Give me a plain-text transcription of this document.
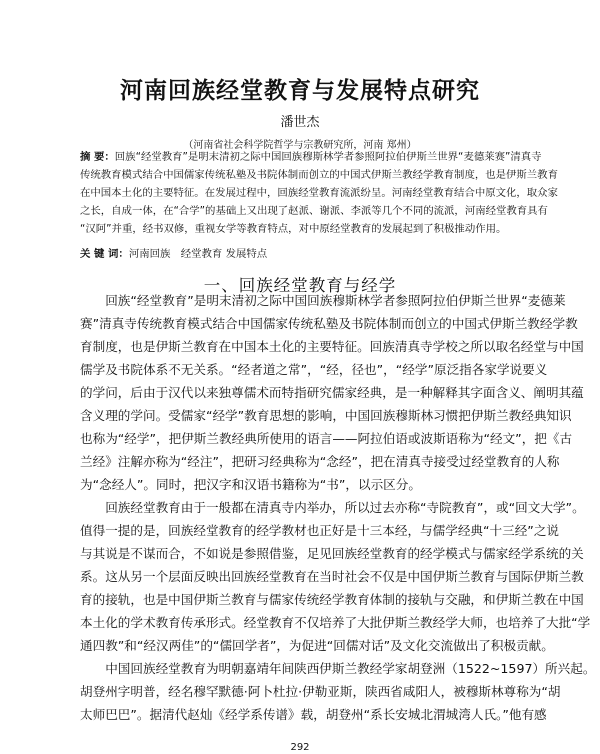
河南回族经堂教育与发展特点研究
潘世杰
（河南省社会科学院哲学与宗教研究所，河南 郑州）
摘 要：回族“经堂教育”是明末清初之际中国回族穆斯林学者参照阿拉伯伊斯兰世界“麦德莱赛”清真寺
传统教育模式结合中国儒家传统私塾及书院体制而创立的中国式伊斯兰教经学教育制度，也是伊斯兰教育
在中国本土化的主要特征。在发展过程中，回族经堂教育流派纷呈。河南经堂教育结合中原文化，取众家
之长，自成一体，在“合学”的基础上又出现了赵派、谢派、李派等几个不同的流派，河南经堂教育具有
“汉阿”并重，经书双修，重视女学等教育特点，对中原经堂教育的发展起到了积极推动作用。
关 键 词：河南回族　经堂教育 发展特点
一、回族经堂教育与经学
　　回族“经堂教育”是明末清初之际中国回族穆斯林学者参照阿拉伯伊斯兰世界“麦德莱
赛”清真寺传统教育模式结合中国儒家传统私塾及书院体制而创立的中国式伊斯兰教经学教
育制度，也是伊斯兰教育在中国本土化的主要特征。回族清真寺学校之所以取名经堂与中国
儒学及书院体系不无关系。“经者道之常”，“经，径也”，“经学”原泛指各家学说要义
的学问，后由于汉代以来独尊儒术而特指研究儒家经典，是一种解释其字面含义、阐明其蕴
含义理的学问。受儒家“经学”教育思想的影响，中国回族穆斯林习惯把伊斯兰教经典知识
也称为“经学”，把伊斯兰教经典所使用的语言——阿拉伯语或波斯语称为“经文”，把《古
兰经》注解亦称为“经注”，把研习经典称为“念经”，把在清真寺接受过经堂教育的人称
为“念经人”。同时，把汉字和汉语书籍称为“书”，以示区分。
　　回族经堂教育由于一般都在清真寺内举办，所以过去亦称“寺院教育”，或“回文大学”。
值得一提的是，回族经堂教育的经学教材也正好是十三本经，与儒学经典“十三经”之说
与其说是不谋而合，不如说是参照借鉴，足见回族经堂教育的经学模式与儒家经学系统的关
系。这从另一个层面反映出回族经堂教育在当时社会不仅是中国伊斯兰教育与国际伊斯兰教
育的接轨，也是中国伊斯兰教育与儒家传统经学教育体制的接轨与交融，和伊斯兰教在中国
本土化的学术教育传承形式。经堂教育不仅培养了大批伊斯兰教经学大师，也培养了大批“学
通四教”和“经汉两佳”的“儒回学者”，为促进“回儒对话”及文化交流做出了积极贡献。
　　中国回族经堂教育为明朝嘉靖年间陕西伊斯兰教经学家胡登洲（1522~1597）所兴起。
胡登州字明普，经名穆罕默德·阿卜杜拉·伊勒亚斯，陕西省咸阳人，被穆斯林尊称为“胡
太师巴巴”。据清代赵灿《经学系传谱》载，胡登州“系长安城北渭城湾人氏。”他有感
292
